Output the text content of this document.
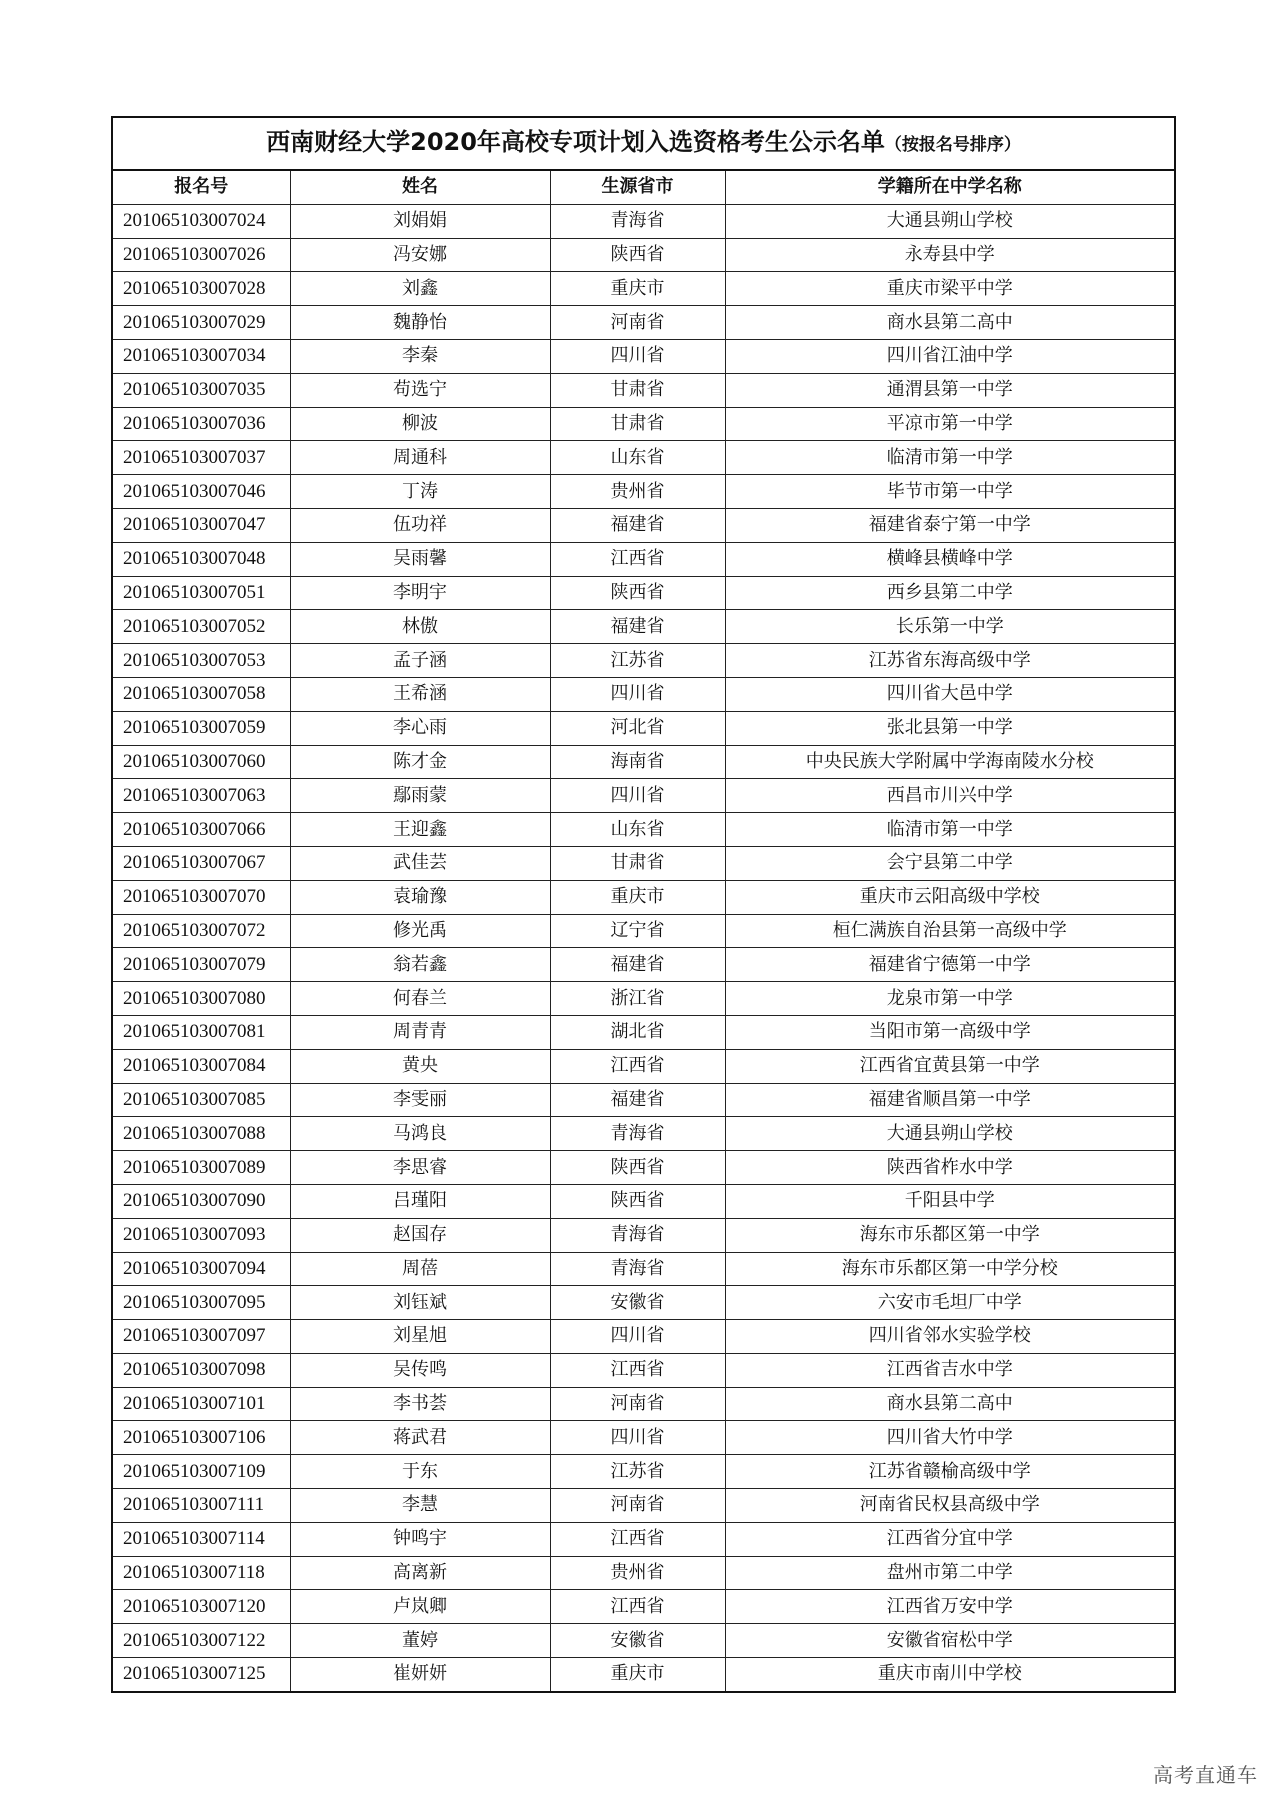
西南财经大学2020年高校专项计划入选资格考生公示名单（按报名号排序）			
报名号	姓名	生源省市	学籍所在中学名称
201065103007024	刘娟娟	青海省	大通县朔山学校
201065103007026	冯安娜	陕西省	永寿县中学
201065103007028	刘鑫	重庆市	重庆市梁平中学
201065103007029	魏静怡	河南省	商水县第二高中
201065103007034	李秦	四川省	四川省江油中学
201065103007035	苟选宁	甘肃省	通渭县第一中学
201065103007036	柳波	甘肃省	平凉市第一中学
201065103007037	周通科	山东省	临清市第一中学
201065103007046	丁涛	贵州省	毕节市第一中学
201065103007047	伍功祥	福建省	福建省泰宁第一中学
201065103007048	吴雨馨	江西省	横峰县横峰中学
201065103007051	李明宇	陕西省	西乡县第二中学
201065103007052	林傲	福建省	长乐第一中学
201065103007053	孟子涵	江苏省	江苏省东海高级中学
201065103007058	王希涵	四川省	四川省大邑中学
201065103007059	李心雨	河北省	张北县第一中学
201065103007060	陈才金	海南省	中央民族大学附属中学海南陵水分校
201065103007063	鄢雨蒙	四川省	西昌市川兴中学
201065103007066	王迎鑫	山东省	临清市第一中学
201065103007067	武佳芸	甘肃省	会宁县第二中学
201065103007070	袁瑜豫	重庆市	重庆市云阳高级中学校
201065103007072	修光禹	辽宁省	桓仁满族自治县第一高级中学
201065103007079	翁若鑫	福建省	福建省宁德第一中学
201065103007080	何春兰	浙江省	龙泉市第一中学
201065103007081	周青青	湖北省	当阳市第一高级中学
201065103007084	黄央	江西省	江西省宜黄县第一中学
201065103007085	李雯丽	福建省	福建省顺昌第一中学
201065103007088	马鸿良	青海省	大通县朔山学校
201065103007089	李思睿	陕西省	陕西省柞水中学
201065103007090	吕瑾阳	陕西省	千阳县中学
201065103007093	赵国存	青海省	海东市乐都区第一中学
201065103007094	周蓓	青海省	海东市乐都区第一中学分校
201065103007095	刘钰斌	安徽省	六安市毛坦厂中学
201065103007097	刘星旭	四川省	四川省邻水实验学校
201065103007098	吴传鸣	江西省	江西省吉水中学
201065103007101	李书荟	河南省	商水县第二高中
201065103007106	蒋武君	四川省	四川省大竹中学
201065103007109	于东	江苏省	江苏省赣榆高级中学
201065103007111	李慧	河南省	河南省民权县高级中学
201065103007114	钟鸣宇	江西省	江西省分宜中学
201065103007118	高离新	贵州省	盘州市第二中学
201065103007120	卢岚卿	江西省	江西省万安中学
201065103007122	董婷	安徽省	安徽省宿松中学
201065103007125	崔妍妍	重庆市	重庆市南川中学校
高考直通车
